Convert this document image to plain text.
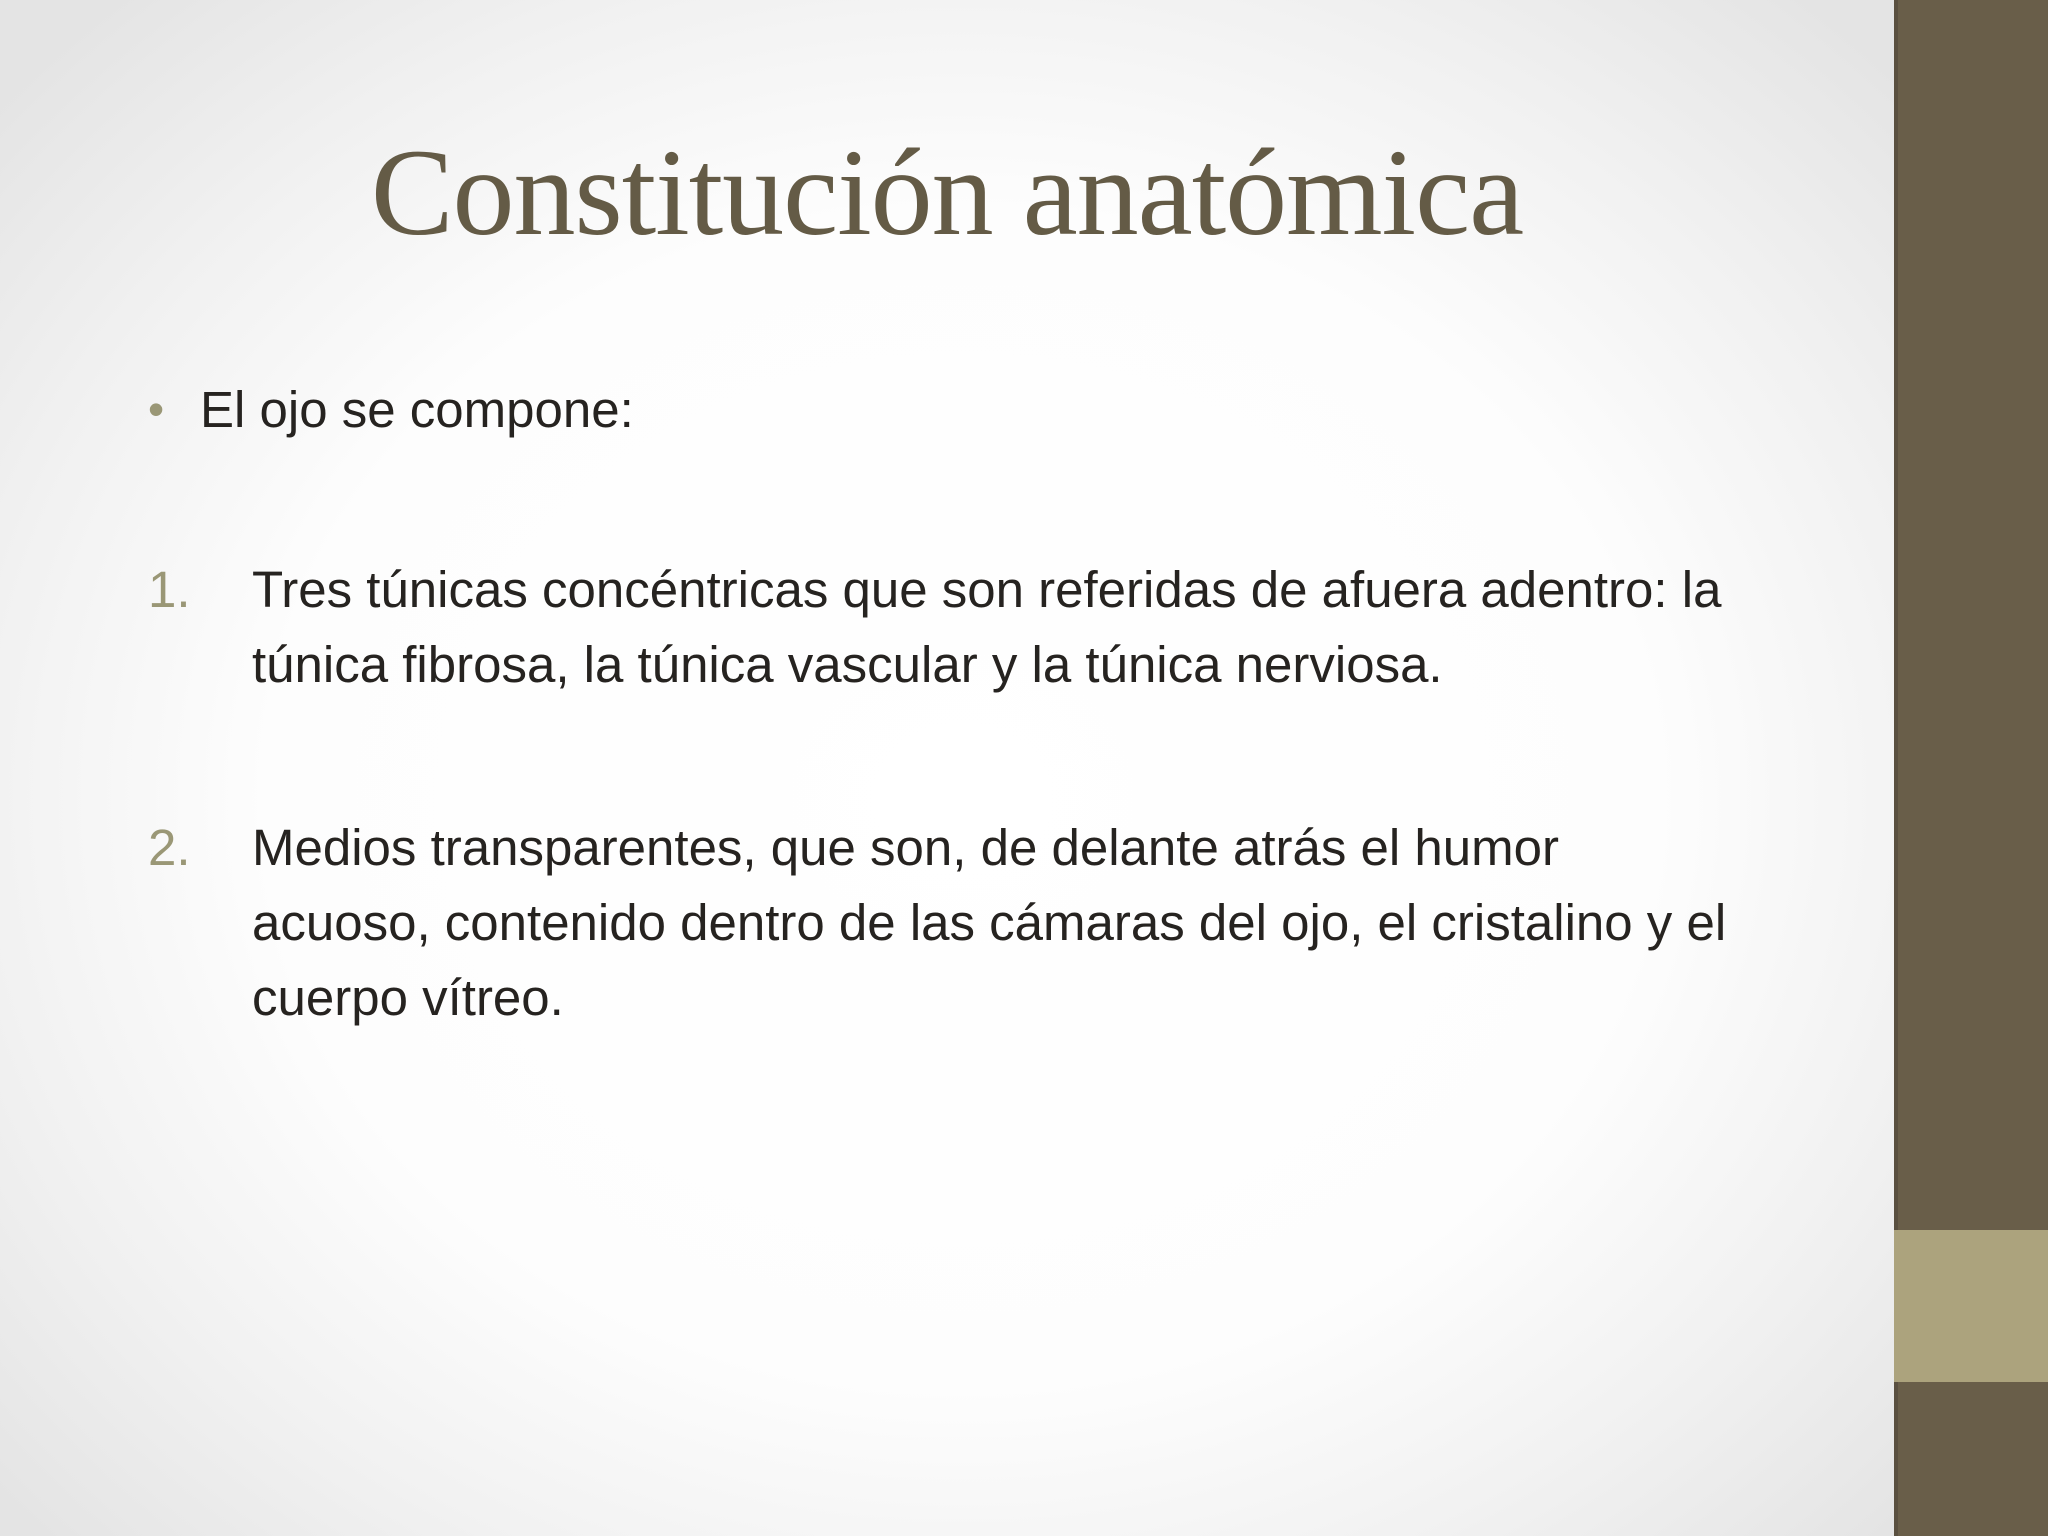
Constitución anatómica
• El ojo se compone:
1. Tres túnicas concéntricas que son referidas de afuera adentro: la túnica fibrosa, la túnica vascular y la túnica nerviosa.
2. Medios transparentes, que son, de delante atrás el humor acuoso, contenido dentro de las cámaras del ojo, el cristalino y el cuerpo vítreo.
